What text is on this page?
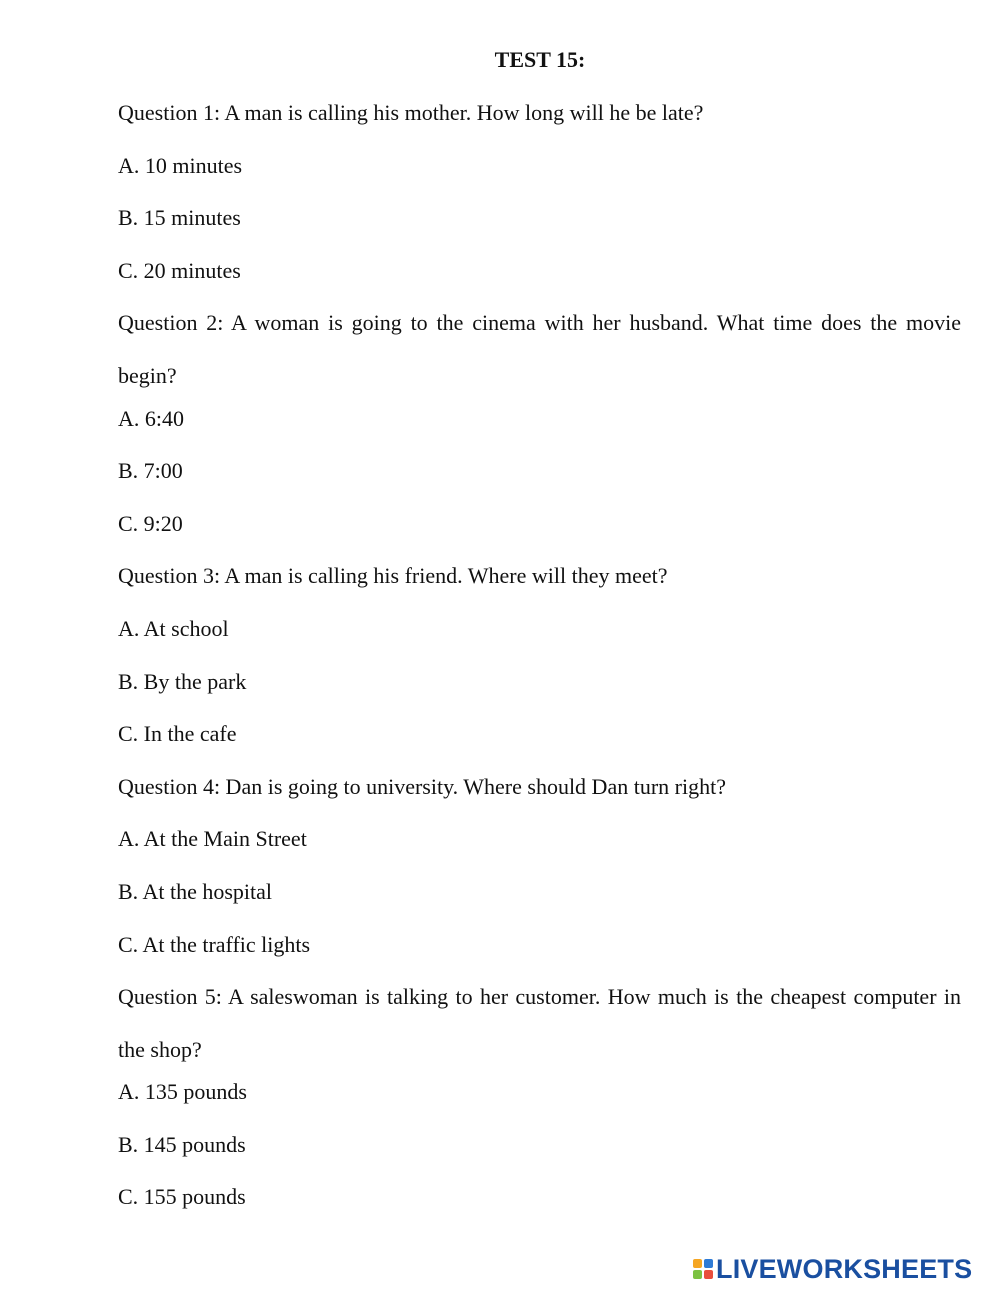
TEST 15:
Question 1: A man is calling his mother. How long will he be late?
A. 10 minutes
B. 15 minutes
C. 20 minutes
Question 2: A woman is going to the cinema with her husband. What time does the movie begin?
A. 6:40
B. 7:00
C. 9:20
Question 3: A man is calling his friend. Where will they meet?
A. At school
B. By the park
C. In the cafe
Question 4: Dan is going to university. Where should Dan turn right?
A. At the Main Street
B. At the hospital
C. At the traffic lights
Question 5: A saleswoman is talking to her customer. How much is the cheapest computer in the shop?
A. 135 pounds
B. 145 pounds
C. 155 pounds
LIVEWORKSHEETS
